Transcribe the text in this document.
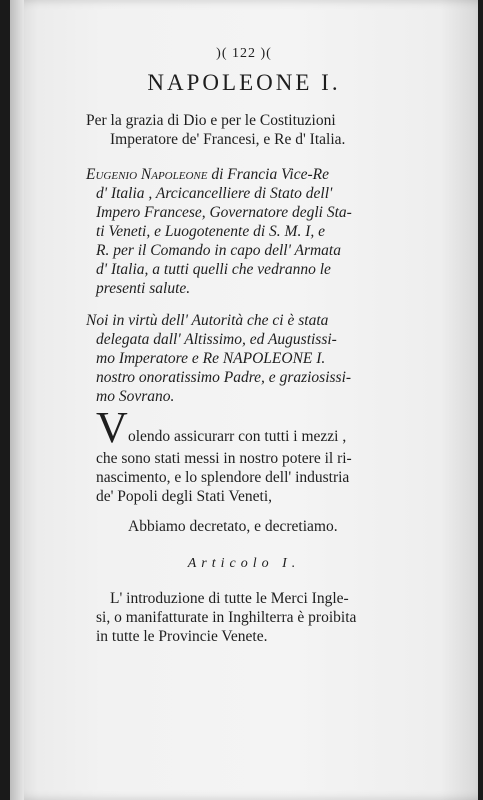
)( 122 )(
NAPOLEONE I.
Per la grazia di Dio e per le Costituzioni
Imperatore de' Francesi, e Re d' Italia.
Eugenio Napoleone di Francia Vice-Re
d' Italia , Arcicancelliere di Stato dell'
Impero Francese, Governatore degli Sta-
ti Veneti, e Luogotenente di S. M. I, e
R. per il Comando in capo dell' Armata
d' Italia, a tutti quelli che vedranno le
presenti salute.
Noi in virtù dell' Autorità che ci è stata
delegata dall' Altissimo, ed Augustissi-
mo Imperatore e Re NAPOLEONE I.
nostro onoratissimo Padre, e graziosissi-
mo Sovrano.
V olendo assicurarr con tutti i mezzi ,
che sono stati messi in nostro potere il ri-
nascimento, e lo splendore dell' industria
de' Popoli degli Stati Veneti,
Abbiamo decretato, e decretiamo.
Articolo I.
L' introduzione di tutte le Merci Ingle-
si, o manifatturate in Inghilterra è proibita
in tutte le Provincie Venete.
